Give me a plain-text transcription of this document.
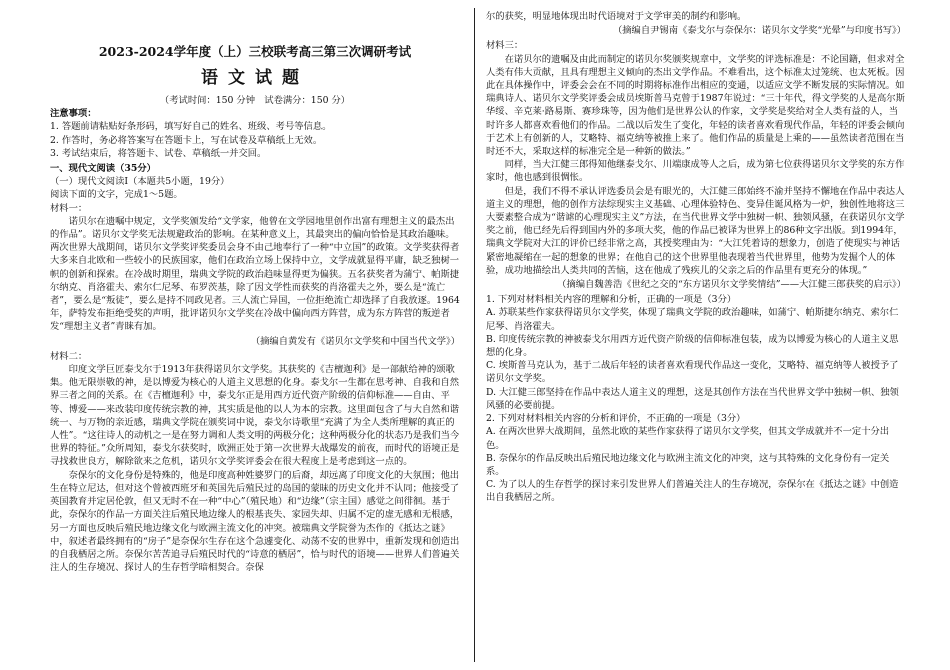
2023-2024学年度（上）三校联考高三第三次调研考试
语文试题
（考试时间：150 分钟　试卷满分：150 分）
注意事项：
1. 答题前请粘贴好条形码，填写好自己的姓名、班级、考号等信息。
2. 作答时，务必将答案写在答题卡上，写在试卷及草稿纸上无效。
3. 考试结束后，将答题卡、试卷、草稿纸一并交回。
一、现代文阅读（35分）
（一）现代文阅读Ⅰ（本题共5小题，19分）
阅读下面的文字，完成1～5题。
材料一：
诺贝尔在遗嘱中规定，文学奖颁发给“文学家，他曾在文学园地里创作出富有理想主义的最杰出的作品”。诺贝尔文学奖无法规避政治的影响。在某种意义上，其最突出的偏向恰恰是其政治趣味。两次世界大战期间，诺贝尔文学奖评奖委员会身不由己地奉行了一种“中立国”的政策。文学奖获得者大多来自北欧和一些较小的民族国家，他们在政治立场上保持中立，文学成就显得平庸，缺乏独树一帜的创新和探索。在冷战时期里，瑞典文学院的政治趋味显得更为偏狭。五名获奖者为蒲宁、帕斯捷尔纳克、肖洛霍夫、索尔仁尼琴、布罗茨基，除了因文学性而获奖的肖洛霍夫之外，要么是“流亡者”，要么是“叛徒”，要么是持不同政见者。三人流亡异国，一位拒绝流亡却选择了自我放逐。1964年，萨特发布拒绝受奖的声明，批评诺贝尔文学奖在冷战中偏向西方阵营，成为东方阵营的叛逆者发“理想主义者”青睐有加。
（摘编自黄发有《诺贝尔文学奖和中国当代文学》）
材料二：
印度文学巨匠泰戈尔于1913年获得诺贝尔文学奖。其获奖的《吉檀迦利》是一部献给神的颂歌集。他无限崇敬的神，是以博爱为核心的人道主义思想的化身。泰戈尔一生都在思考神、自我和自然界三者之间的关系。在《吉檀迦利》中，泰戈尔正是用西方近代资产阶级的信仰标准——自由、平等、博爱——来改装印度传统宗教的神，其实质是他的以人为本的宗教。这里面包含了与大自然和谐统一、与万物的亲近感，瑞典文学院在颁奖词中说，泰戈尔诗歌里“充满了为全人类所理解的真正的人性”。“这往诗人的动机之一是在努力调和人类文明的两极分化；这种两极分化的状态乃是我们当今世界的特征。”众所周知，泰戈尔获奖时，欧洲正处于第一次世界大战爆发的前夜，而时代的语境正是寻找救世良方，解除欲来之危机，诺贝尔文学奖评委会在很大程度上是考虑到这一点的。
奈保尔的文化身份是特殊的，他是印度高种姓婆罗门的后裔，却远离了印度文化的大氛围；他出生在特立尼达，但对这个曾被西班牙和英国先后殖民过的岛国的蒙昧的历史文化并不认同；他接受了英国教育并定居伦敦，但又无时不在一种“中心”（殖民地）和“边缘”（宗主国）感觉之间徘徊。基于此，奈保尔的作品一方面关注后殖民地边缘人的根基丧失、家园失却、归属不定的虚无感和无根感，另一方面也反映后殖民地边缘文化与欧洲主流文化的冲突。被瑞典文学院誉为杰作的《抵达之谜》中，叙述者最终拥有的“房子”是奈保尔生存在这个急遽变化、动荡不安的世界中，重新发现和创造出的自我栖居之所。奈保尔苦苦追寻后殖民时代的“诗意的栖居”，恰与时代的语境——世界人们普遍关注人的生存境况、探讨人的生存哲学暗相契合。奈保
尔的获奖，明显地体现出时代语境对于文学审美的制约和影响。
（摘编自尹锡南《泰戈尔与奈保尔：诺贝尔文学奖“光晕”与印度书写》）
材料三：
在诺贝尔的遗嘱及由此而制定的诺贝尔奖颁奖规章中，文学奖的评选标准是：不论国籍，但求对全人类有伟大贡献，且具有理想主义倾向的杰出文学作品。不难看出，这个标准太过笼统、也太死板。因此在具体操作中，评委会会在不同的时期将标准作出相应的变通，以适应文学不断发展的实际情况。如瑞典诗人、诺贝尔文学奖评委会成员埃斯普马克曾于1987年说过：“三十年代，得文学奖的人是高尔斯华绥、辛克莱·路易斯、赛珍珠等，因为他们是世界公认的作家，文学奖是奖给对全人类有益的人，当时许多人都喜欢看他们的作品。二战以后发生了变化，年轻的读者喜欢看现代作品，年轻的评委会倾向于艺术上有创新的人，艾略特、福克纳等被推上来了。他们作品的质量是上乘的——虽然读者范围在当时还不大，采取这样的标准完全是一种新的做法。”
同样，当大江健三郎得知他继泰戈尔、川端康成等人之后，成为第七位获得诺贝尔文学奖的东方作家时，他也感到很惆怅。
但是，我们不得不承认评选委员会是有眼光的，大江健三郎始终不渝并坚持不懈地在作品中表达人道主义的理想，他的创作方法综现实主义基础、心理体验特色、变异佳诞风格为一炉，独创性地将这三大要素整合成为“谐谑的心理现实主义”方法，在当代世界文学中独树一帜、独领风骚，在获诺贝尔文学奖之前，他已经先后得到国内外的多项大奖，他的作品已被译为世界上的86种文字出版。到1994年，瑞典文学院对大江的评价已经非常之高，其授奖理由为：“大江凭着诗的想象力，创造了使现实与神话紧密地凝缩在一起的想象的世界；在他自己的这个世界里他表现着当代世界里，他势为发掘个人的体验，成功地描绘出人类共同的苦恼，这在他成了残疾儿的父亲之后的作品里有更充分的体现。”
（摘编自魏善浩《世纪之交的“东方诺贝尔文学奖情结”——大江健三郎获奖的启示》）
1. 下列对材料相关内容的理解和分析，正确的一项是（3分）
A. 苏联某些作家获得诺贝尔文学奖，体现了瑞典文学院的政治趣味，如蒲宁、帕斯捷尔纳克、索尔仁尼琴、肖洛霍夫。
B. 印度传统宗教的神被泰戈尔用西方近代资产阶级的信仰标准包装，成为以博爱为核心的人道主义思想的化身。
C. 埃斯普马克认为，基于二战后年轻的读者喜欢看现代作品这一变化，艾略特、福克纳等人被授予了诺贝尔文学奖。
D. 大江健三郎坚持在作品中表达人道主义的理想，这是其创作方法在当代世界文学中独树一帜、独领风骚的必要前提。
2. 下列对材料相关内容的分析和评价，不正确的一项是（3分）
A. 在两次世界大战期间，虽然北欧的某些作家获得了诺贝尔文学奖，但其文学成就并不一定十分出色。
B. 奈保尔的作品反映出后殖民地边缘文化与欧洲主流文化的冲突，这与其特殊的文化身份有一定关系。
C. 为了以人的生存哲学的探讨来引发世界人们普遍关注人的生存境况，奈保尔在《抵达之谜》中创造出自我栖居之所。
